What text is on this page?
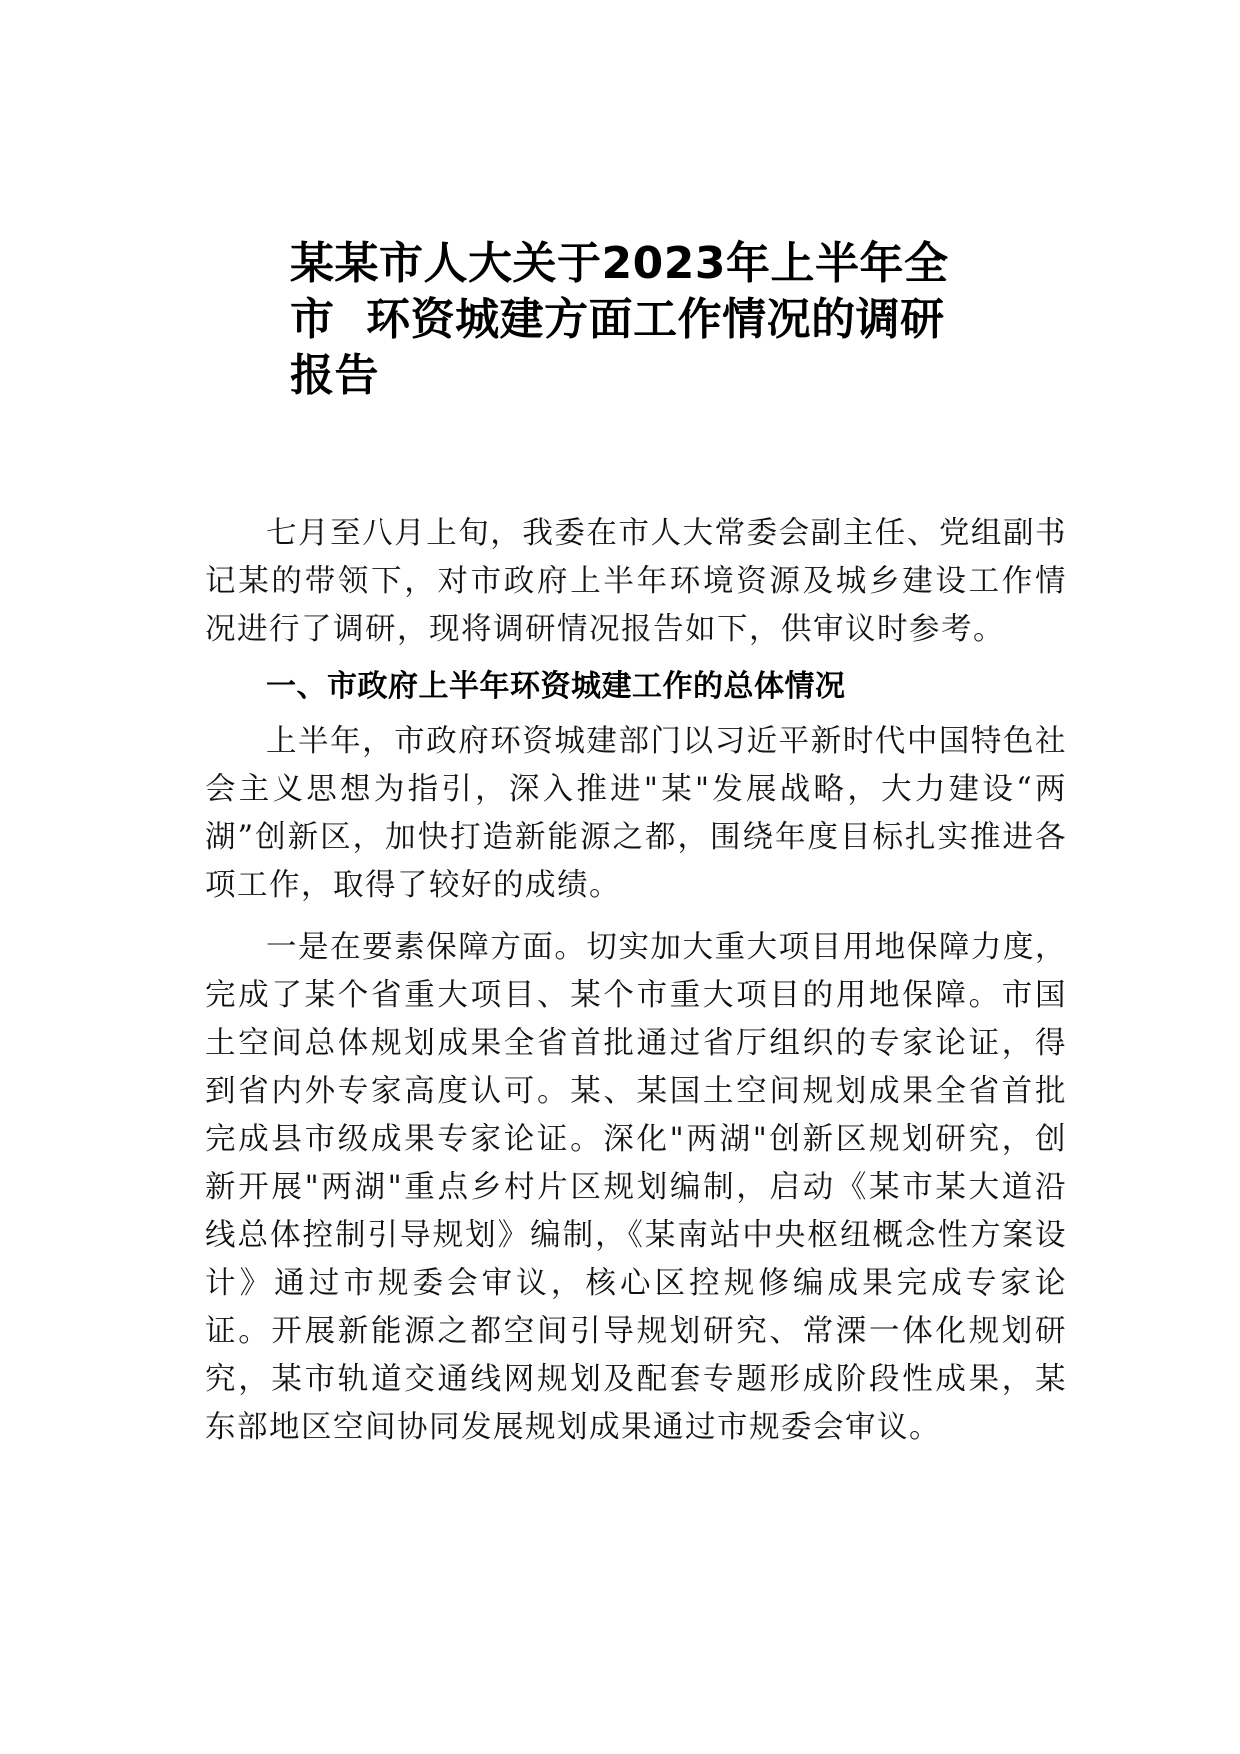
某某市人大关于2023年上半年全
市  环资城建方面工作情况的调研
报告

七月至八月上旬，我委在市人大常委会副主任、党组副书记某的带领下，对市政府上半年环境资源及城乡建设工作情况进行了调研，现将调研情况报告如下，供审议时参考。

一、市政府上半年环资城建工作的总体情况

上半年，市政府环资城建部门以习近平新时代中国特色社会主义思想为指引，深入推进"某"发展战略，大力建设“两湖”创新区，加快打造新能源之都，围绕年度目标扎实推进各项工作，取得了较好的成绩。

一是在要素保障方面。切实加大重大项目用地保障力度，完成了某个省重大项目、某个市重大项目的用地保障。市国土空间总体规划成果全省首批通过省厅组织的专家论证，得到省内外专家高度认可。某、某国土空间规划成果全省首批完成县市级成果专家论证。深化"两湖"创新区规划研究，创新开展"两湖"重点乡村片区规划编制，启动《某市某大道沿线总体控制引导规划》编制，《某南站中央枢纽概念性方案设计》通过市规委会审议，核心区控规修编成果完成专家论证。开展新能源之都空间引导规划研究、常溧一体化规划研究，某市轨道交通线网规划及配套专题形成阶段性成果，某东部地区空间协同发展规划成果通过市规委会审议。
